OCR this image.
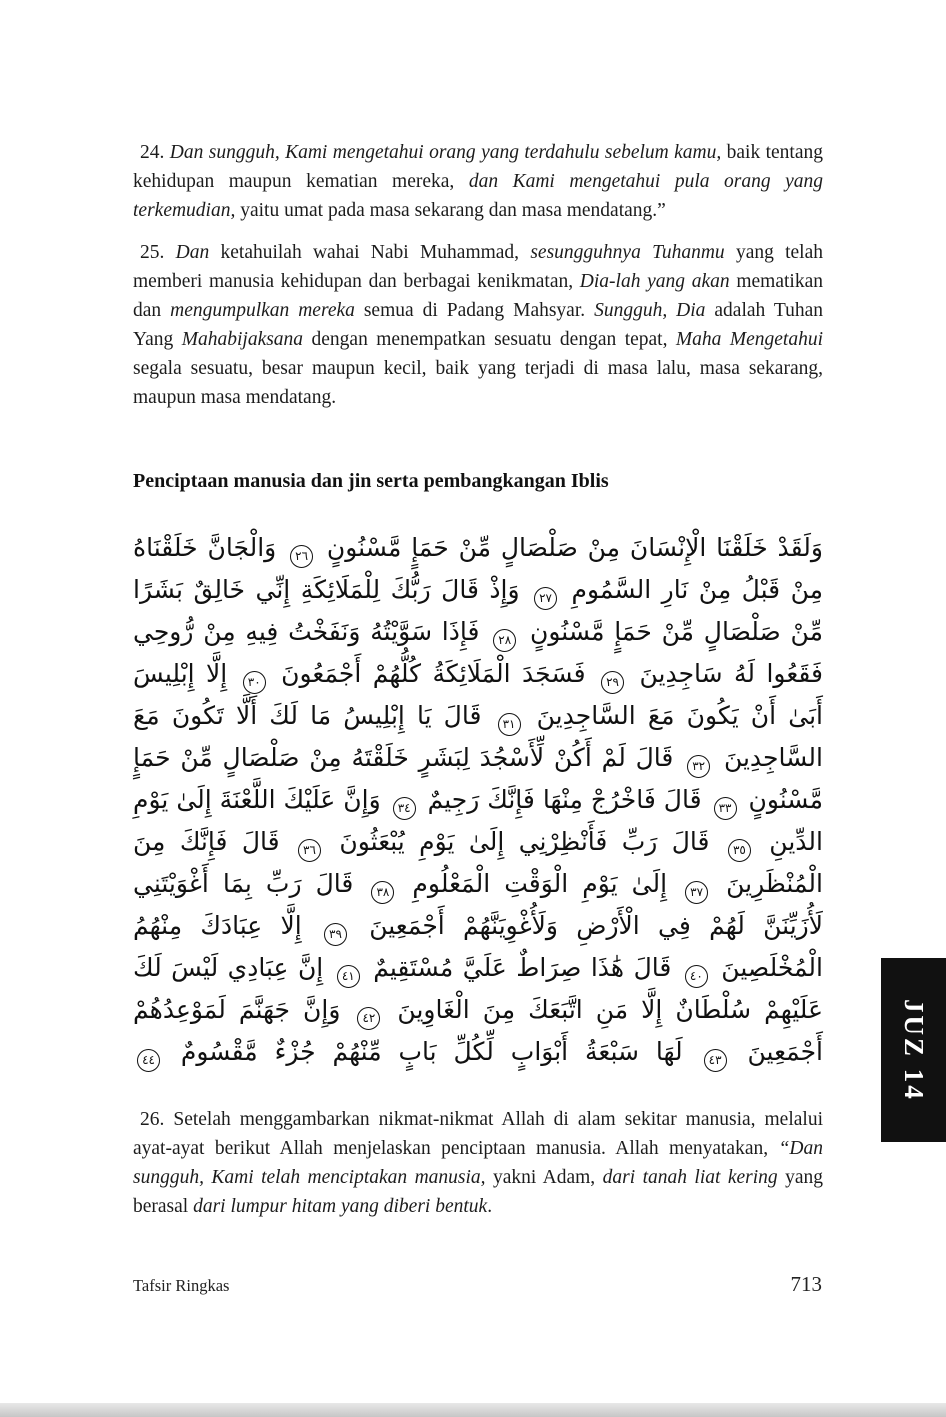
24. Dan sungguh, Kami mengetahui orang yang terdahulu sebelum kamu, baik tentang kehidupan maupun kematian mereka, dan Kami mengetahui pula orang yang terkemudian, yaitu umat pada masa sekarang dan masa mendatang.”

25. Dan ketahuilah wahai Nabi Muhammad, sesungguhnya Tuhanmu yang telah memberi manusia kehidupan dan berbagai kenikmatan, Dia-lah yang akan mematikan dan mengumpulkan mereka semua di Padang Mahsyar. Sungguh, Dia adalah Tuhan Yang Mahabijaksana dengan menempatkan sesuatu dengan tepat, Maha Mengetahui segala sesuatu, besar maupun kecil, baik yang terjadi di masa lalu, masa sekarang, maupun masa mendatang.

Penciptaan manusia dan jin serta pembangkangan Iblis
وَلَقَدْ خَلَقْنَا الْإِنْسَانَ مِنْ صَلْصَالٍ مِّنْ حَمَإٍ مَّسْنُونٍ ٢٦ وَالْجَانَّ خَلَقْنَاهُ مِنْ قَبْلُ مِنْ نَارِ السَّمُومِ ٢٧ وَإِذْ قَالَ رَبُّكَ لِلْمَلَائِكَةِ إِنِّي خَالِقٌ بَشَرًا مِّنْ صَلْصَالٍ مِّنْ حَمَإٍ مَّسْنُونٍ ٢٨ فَإِذَا سَوَّيْتُهُ وَنَفَخْتُ فِيهِ مِنْ رُّوحِي فَقَعُوا لَهُ سَاجِدِينَ ٢٩ فَسَجَدَ الْمَلَائِكَةُ كُلُّهُمْ أَجْمَعُونَ ٣٠ إِلَّا إِبْلِيسَ أَبَىٰ أَنْ يَكُونَ مَعَ السَّاجِدِينَ ٣١ قَالَ يَا إِبْلِيسُ مَا لَكَ أَلَّا تَكُونَ مَعَ السَّاجِدِينَ ٣٢ قَالَ لَمْ أَكُنْ لِّأَسْجُدَ لِبَشَرٍ خَلَقْتَهُ مِنْ صَلْصَالٍ مِّنْ حَمَإٍ مَّسْنُونٍ ٣٣ قَالَ فَاخْرُجْ مِنْهَا فَإِنَّكَ رَجِيمٌ ٣٤ وَإِنَّ عَلَيْكَ اللَّعْنَةَ إِلَىٰ يَوْمِ الدِّينِ ٣٥ قَالَ رَبِّ فَأَنْظِرْنِي إِلَىٰ يَوْمِ يُبْعَثُونَ ٣٦ قَالَ فَإِنَّكَ مِنَ الْمُنْظَرِينَ ٣٧ إِلَىٰ يَوْمِ الْوَقْتِ الْمَعْلُومِ ٣٨ قَالَ رَبِّ بِمَا أَغْوَيْتَنِي لَأُزَيِّنَنَّ لَهُمْ فِي الْأَرْضِ وَلَأُغْوِيَنَّهُمْ أَجْمَعِينَ ٣٩ إِلَّا عِبَادَكَ مِنْهُمُ الْمُخْلَصِينَ ٤٠ قَالَ هَٰذَا صِرَاطٌ عَلَيَّ مُسْتَقِيمٌ ٤١ إِنَّ عِبَادِي لَيْسَ لَكَ عَلَيْهِمْ سُلْطَانٌ إِلَّا مَنِ اتَّبَعَكَ مِنَ الْغَاوِينَ ٤٢ وَإِنَّ جَهَنَّمَ لَمَوْعِدُهُمْ أَجْمَعِينَ ٤٣ لَهَا سَبْعَةُ أَبْوَابٍ لِّكُلِّ بَابٍ مِّنْهُمْ جُزْءٌ مَّقْسُومٌ ٤٤

26. Setelah menggambarkan nikmat-nikmat Allah di alam sekitar manusia, melalui ayat-ayat berikut Allah menjelaskan penciptaan manusia. Allah menyatakan, “Dan sungguh, Kami telah menciptakan manusia, yakni Adam, dari tanah liat kering yang berasal dari lumpur hitam yang diberi bentuk.

Tafsir Ringkas	713
JUZ 14
